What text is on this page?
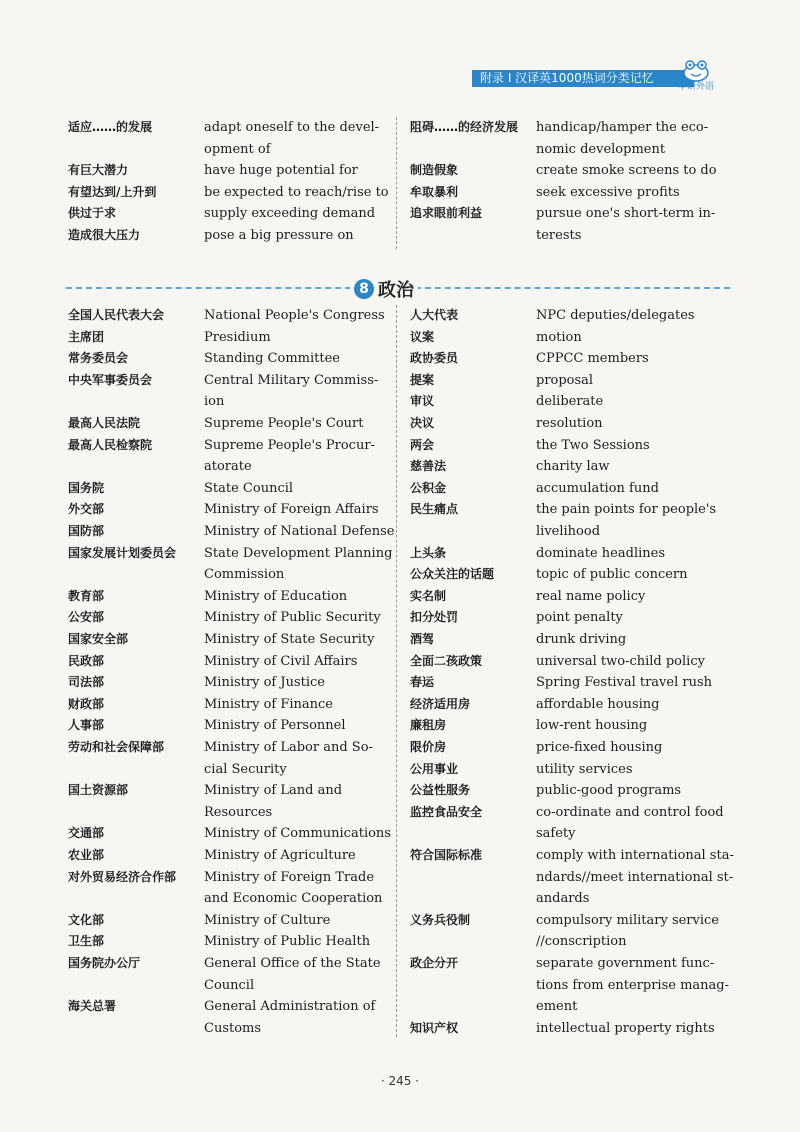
附录 I 汉译英1000热词分类记忆
华研外语
适应……的发展	adapt oneself to the devel-
opment of
有巨大潜力	have huge potential for
有望达到/上升到	be expected to reach/rise to
供过于求	supply exceeding demand
造成很大压力	pose a big pressure on
阻碍……的经济发展 handicap/hamper the eco-
nomic development
制造假象	create smoke screens to do
牟取暴利	seek excessive profits
追求眼前利益	pursue one's short-term in-
terests
8 政治
全国人民代表大会	National People's Congress
主席团	Presidium
常务委员会	Standing Committee
中央军事委员会	Central Military Commiss-
ion
最高人民法院	Supreme People's Court
最高人民检察院	Supreme People's Procur-
atorate
国务院	State Council
外交部	Ministry of Foreign Affairs
国防部	Ministry of National Defense
国家发展计划委员会 State Development Planning
Commission
教育部	Ministry of Education
公安部	Ministry of Public Security
国家安全部	Ministry of State Security
民政部	Ministry of Civil Affairs
司法部	Ministry of Justice
财政部	Ministry of Finance
人事部	Ministry of Personnel
劳动和社会保障部	Ministry of Labor and So-
cial Security
国土资源部	Ministry of Land and
Resources
交通部	Ministry of Communications
农业部	Ministry of Agriculture
对外贸易经济合作部 Ministry of Foreign Trade
and Economic Cooperation
文化部	Ministry of Culture
卫生部	Ministry of Public Health
国务院办公厅	General Office of the State
Council
海关总署	General Administration of
Customs
人大代表	NPC deputies/delegates
议案	motion
政协委员	CPPCC members
提案	proposal
审议	deliberate
决议	resolution
两会	the Two Sessions
慈善法	charity law
公积金	accumulation fund
民生痛点	the pain points for people's
livelihood
上头条	dominate headlines
公众关注的话题	topic of public concern
实名制	real name policy
扣分处罚	point penalty
酒驾	drunk driving
全面二孩政策	universal two-child policy
春运	Spring Festival travel rush
经济适用房	affordable housing
廉租房	low-rent housing
限价房	price-fixed housing
公用事业	utility services
公益性服务	public-good programs
监控食品安全	co-ordinate and control food
safety
符合国际标准	comply with international sta-
ndards//meet international st-
andards
义务兵役制	compulsory military service
//conscription
政企分开	separate government func-
tions from enterprise manag-
ement
知识产权	intellectual property rights
· 245 ·
